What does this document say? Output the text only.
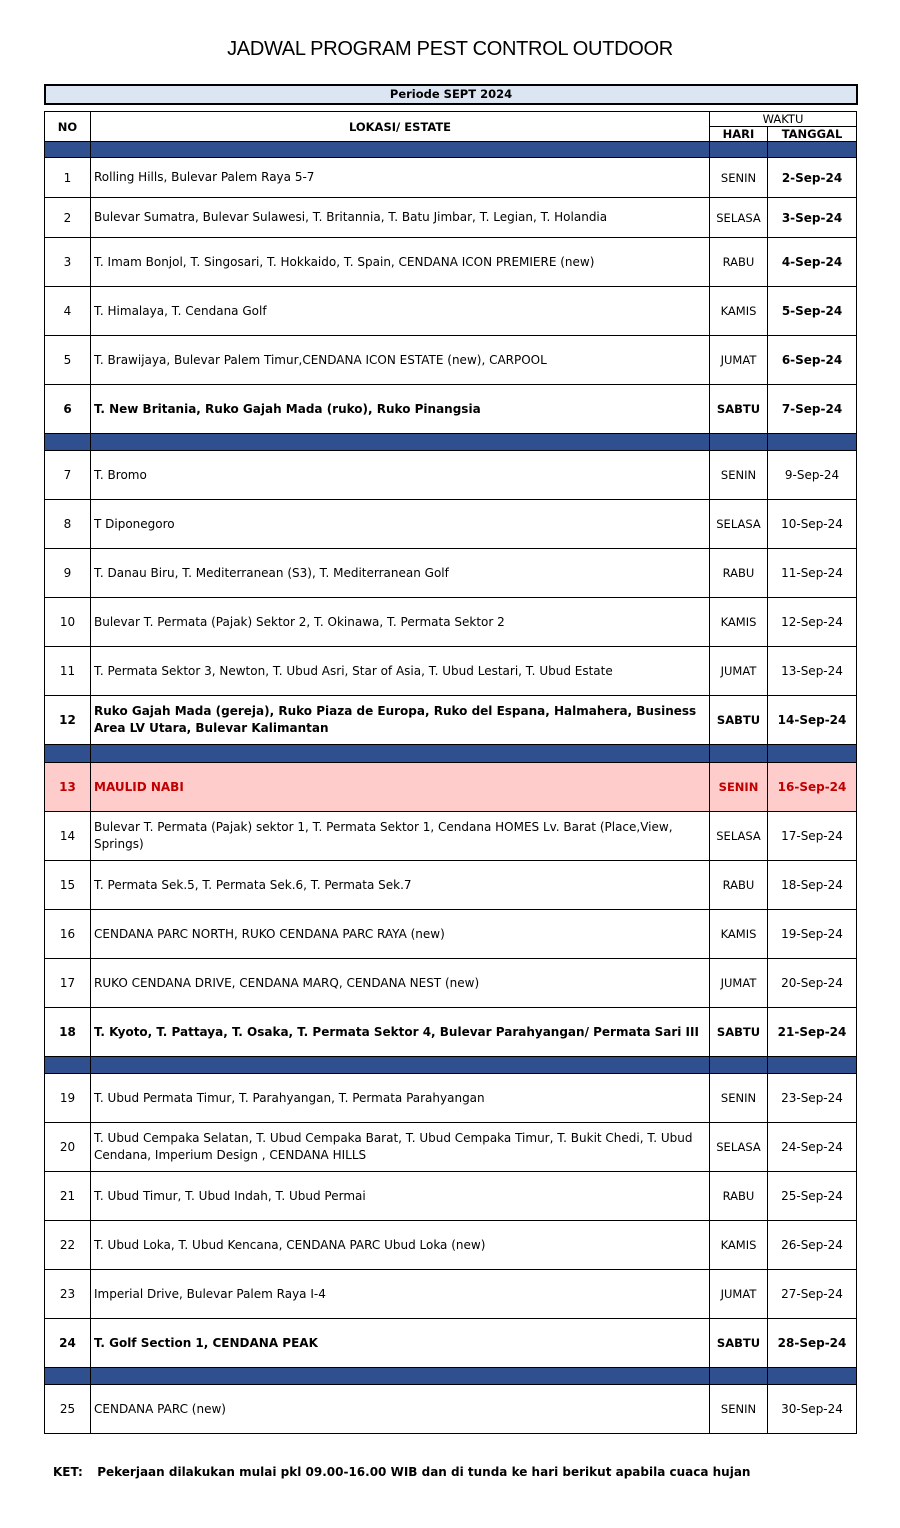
JADWAL PROGRAM PEST CONTROL OUTDOOR
Periode SEPT 2024
NO	LOKASI/ ESTATE	WAKTU	
		HARI	TANGGAL

1	Rolling Hills, Bulevar Palem Raya 5-7	SENIN	2-Sep-24
2	Bulevar Sumatra, Bulevar Sulawesi, T. Britannia, T. Batu Jimbar, T. Legian, T. Holandia	SELASA	3-Sep-24
3	T. Imam Bonjol, T. Singosari, T. Hokkaido, T. Spain, CENDANA ICON PREMIERE (new)	RABU	4-Sep-24
4	T. Himalaya, T. Cendana Golf	KAMIS	5-Sep-24
5	T. Brawijaya, Bulevar Palem Timur,CENDANA ICON ESTATE (new), CARPOOL	JUMAT	6-Sep-24
6	T. New Britania, Ruko Gajah Mada (ruko), Ruko Pinangsia	SABTU	7-Sep-24

7	T. Bromo	SENIN	9-Sep-24
8	T Diponegoro	SELASA	10-Sep-24
9	T. Danau Biru, T. Mediterranean (S3), T. Mediterranean Golf	RABU	11-Sep-24
10	Bulevar T. Permata (Pajak) Sektor 2, T. Okinawa, T. Permata Sektor 2	KAMIS	12-Sep-24
11	T. Permata Sektor 3, Newton, T. Ubud Asri, Star of Asia, T. Ubud Lestari, T. Ubud Estate	JUMAT	13-Sep-24
12	Ruko Gajah Mada (gereja), Ruko Piaza de Europa, Ruko del Espana, Halmahera, Business Area LV Utara, Bulevar Kalimantan	SABTU	14-Sep-24

13	MAULID NABI	SENIN	16-Sep-24
14	Bulevar T. Permata (Pajak) sektor 1, T. Permata Sektor 1, Cendana HOMES Lv. Barat (Place,View, Springs)	SELASA	17-Sep-24
15	T. Permata Sek.5, T. Permata Sek.6, T. Permata Sek.7	RABU	18-Sep-24
16	CENDANA PARC NORTH, RUKO CENDANA PARC RAYA (new)	KAMIS	19-Sep-24
17	RUKO CENDANA DRIVE, CENDANA MARQ, CENDANA NEST (new)	JUMAT	20-Sep-24
18	T. Kyoto, T. Pattaya, T. Osaka, T. Permata Sektor 4, Bulevar Parahyangan/ Permata Sari III	SABTU	21-Sep-24

19	T. Ubud Permata Timur, T. Parahyangan, T. Permata Parahyangan	SENIN	23-Sep-24
20	T. Ubud Cempaka Selatan, T. Ubud Cempaka Barat, T. Ubud Cempaka Timur, T. Bukit Chedi, T. Ubud Cendana, Imperium Design , CENDANA HILLS	SELASA	24-Sep-24
21	T. Ubud Timur, T. Ubud Indah, T. Ubud Permai	RABU	25-Sep-24
22	T. Ubud Loka, T. Ubud Kencana, CENDANA PARC Ubud Loka (new)	KAMIS	26-Sep-24
23	Imperial Drive, Bulevar Palem Raya I-4	JUMAT	27-Sep-24
24	T. Golf Section 1, CENDANA PEAK	SABTU	28-Sep-24

25	CENDANA PARC (new)	SENIN	30-Sep-24
KET: Pekerjaan dilakukan mulai pkl 09.00-16.00 WIB dan di tunda ke hari berikut apabila cuaca hujan
